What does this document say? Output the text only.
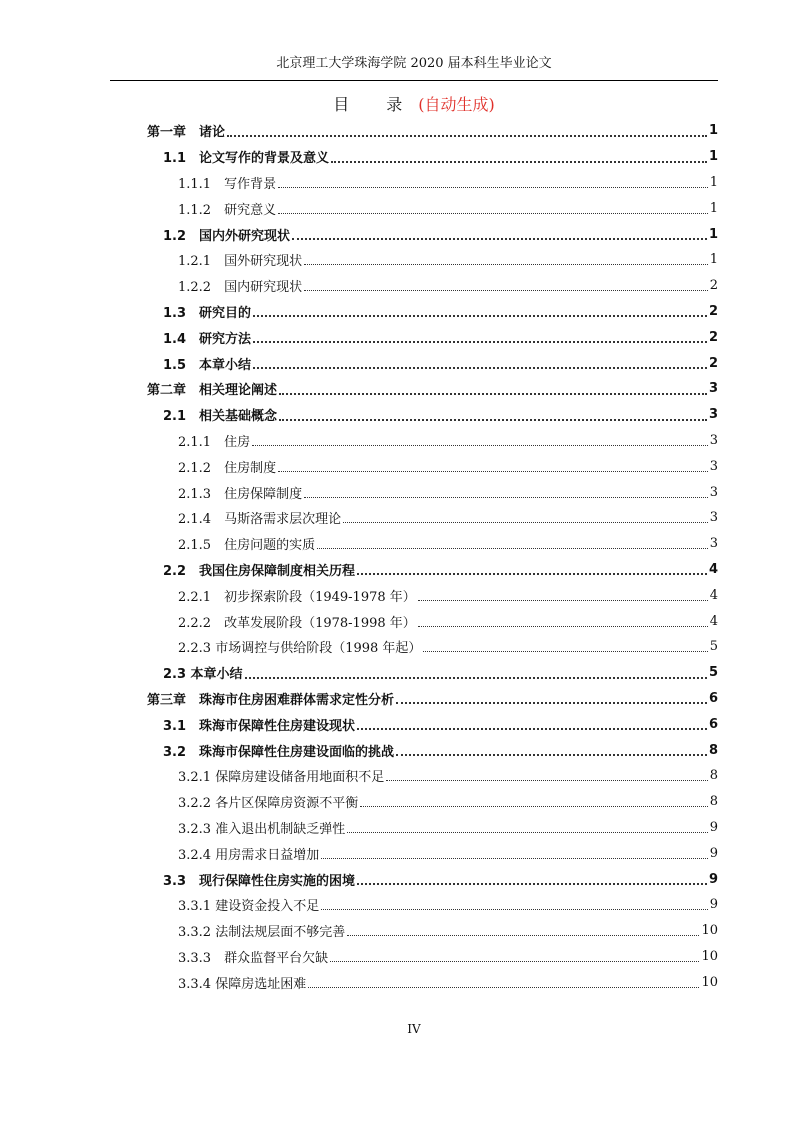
北京理工大学珠海学院 2020 届本科生毕业论文
目 录(自动生成)
第一章　诸论	1
1.1　论文写作的背景及意义	1
1.1.1　写作背景	1
1.1.2　研究意义	1
1.2　国内外研究现状	1
1.2.1　国外研究现状	1
1.2.2　国内研究现状	2
1.3　研究目的	2
1.4　研究方法	2
1.5　本章小结	2
第二章　相关理论阐述	3
2.1　相关基础概念	3
2.1.1　住房	3
2.1.2　住房制度	3
2.1.3　住房保障制度	3
2.1.4　马斯洛需求层次理论	3
2.1.5　住房问题的实质	3
2.2　我国住房保障制度相关历程	4
2.2.1　初步探索阶段（1949-1978 年）	4
2.2.2　改革发展阶段（1978-1998 年）	4
2.2.3 市场调控与供给阶段（1998 年起）	5
2.3 本章小结	5
第三章　珠海市住房困难群体需求定性分析	6
3.1　珠海市保障性住房建设现状	6
3.2　珠海市保障性住房建设面临的挑战	8
3.2.1 保障房建设储备用地面积不足	8
3.2.2 各片区保障房资源不平衡	8
3.2.3 准入退出机制缺乏弹性	9
3.2.4 用房需求日益增加	9
3.3　现行保障性住房实施的困境	9
3.3.1 建设资金投入不足	9
3.3.2 法制法规层面不够完善	10
3.3.3　群众监督平台欠缺	10
3.3.4 保障房选址困难	10
IV
